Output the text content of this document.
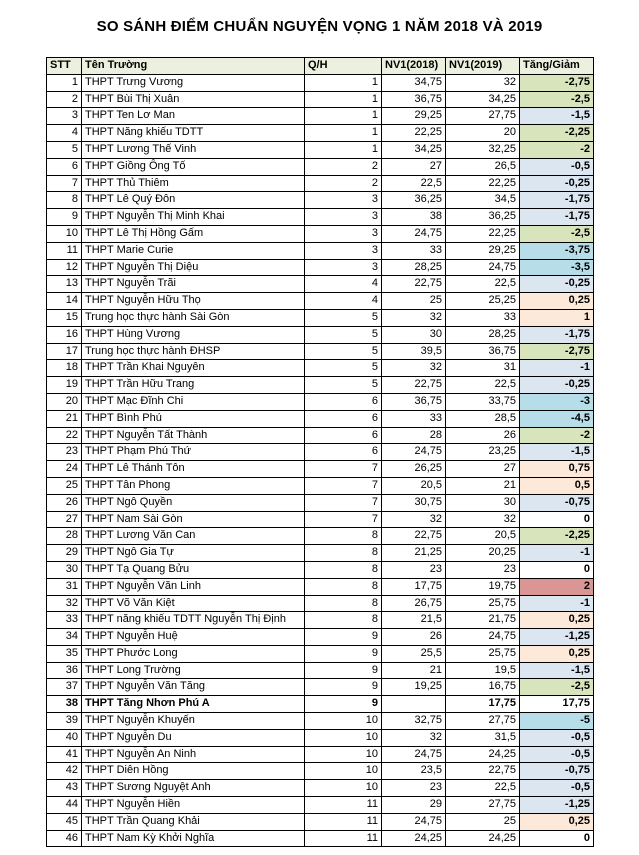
SO SÁNH ĐIỂM CHUẨN NGUYỆN VỌNG 1 NĂM 2018 VÀ 2019
STT	Tên Trường	Q/H	NV1(2018)	NV1(2019)	Tăng/Giảm
1	THPT Trưng Vương	1	34,75	32	-2,75
2	THPT Bùi Thị Xuân	1	36,75	34,25	-2,5
3	THPT Ten Lơ Man	1	29,25	27,75	-1,5
4	THPT Năng khiếu TDTT	1	22,25	20	-2,25
5	THPT Lương Thế Vinh	1	34,25	32,25	-2
6	THPT Giồng Ông Tố	2	27	26,5	-0,5
7	THPT Thủ Thiêm	2	22,5	22,25	-0,25
8	THPT Lê Quý Đôn	3	36,25	34,5	-1,75
9	THPT Nguyễn Thị Minh Khai	3	38	36,25	-1,75
10	THPT Lê Thị Hồng Gấm	3	24,75	22,25	-2,5
11	THPT Marie Curie	3	33	29,25	-3,75
12	THPT Nguyễn Thị Diệu	3	28,25	24,75	-3,5
13	THPT Nguyễn Trãi	4	22,75	22,5	-0,25
14	THPT Nguyễn Hữu Thọ	4	25	25,25	0,25
15	Trung học thực hành Sài Gòn	5	32	33	1
16	THPT Hùng Vương	5	30	28,25	-1,75
17	Trung học thực hành ĐHSP	5	39,5	36,75	-2,75
18	THPT Trần Khai Nguyên	5	32	31	-1
19	THPT Trần Hữu Trang	5	22,75	22,5	-0,25
20	THPT Mạc Đĩnh Chi	6	36,75	33,75	-3
21	THPT Bình Phú	6	33	28,5	-4,5
22	THPT Nguyễn Tất Thành	6	28	26	-2
23	THPT Phạm Phú Thứ	6	24,75	23,25	-1,5
24	THPT Lê Thánh Tôn	7	26,25	27	0,75
25	THPT Tân Phong	7	20,5	21	0,5
26	THPT Ngô Quyền	7	30,75	30	-0,75
27	THPT Nam Sài Gòn	7	32	32	0
28	THPT Lương Văn Can	8	22,75	20,5	-2,25
29	THPT Ngô Gia Tự	8	21,25	20,25	-1
30	THPT Tạ Quang Bửu	8	23	23	0
31	THPT Nguyễn Văn Linh	8	17,75	19,75	2
32	THPT Võ Văn Kiệt	8	26,75	25,75	-1
33	THPT năng khiếu TDTT Nguyễn Thị Định	8	21,5	21,75	0,25
34	THPT Nguyễn Huệ	9	26	24,75	-1,25
35	THPT Phước Long	9	25,5	25,75	0,25
36	THPT Long Trường	9	21	19,5	-1,5
37	THPT Nguyễn Văn Tăng	9	19,25	16,75	-2,5
38	THPT Tăng Nhơn Phú A	9		17,75	17,75
39	THPT Nguyễn Khuyến	10	32,75	27,75	-5
40	THPT Nguyễn Du	10	32	31,5	-0,5
41	THPT Nguyễn An Ninh	10	24,75	24,25	-0,5
42	THPT Diên Hồng	10	23,5	22,75	-0,75
43	THPT Sương Nguyệt Anh	10	23	22,5	-0,5
44	THPT Nguyễn Hiền	11	29	27,75	-1,25
45	THPT Trần Quang Khải	11	24,75	25	0,25
46	THPT Nam Kỳ Khởi Nghĩa	11	24,25	24,25	0
